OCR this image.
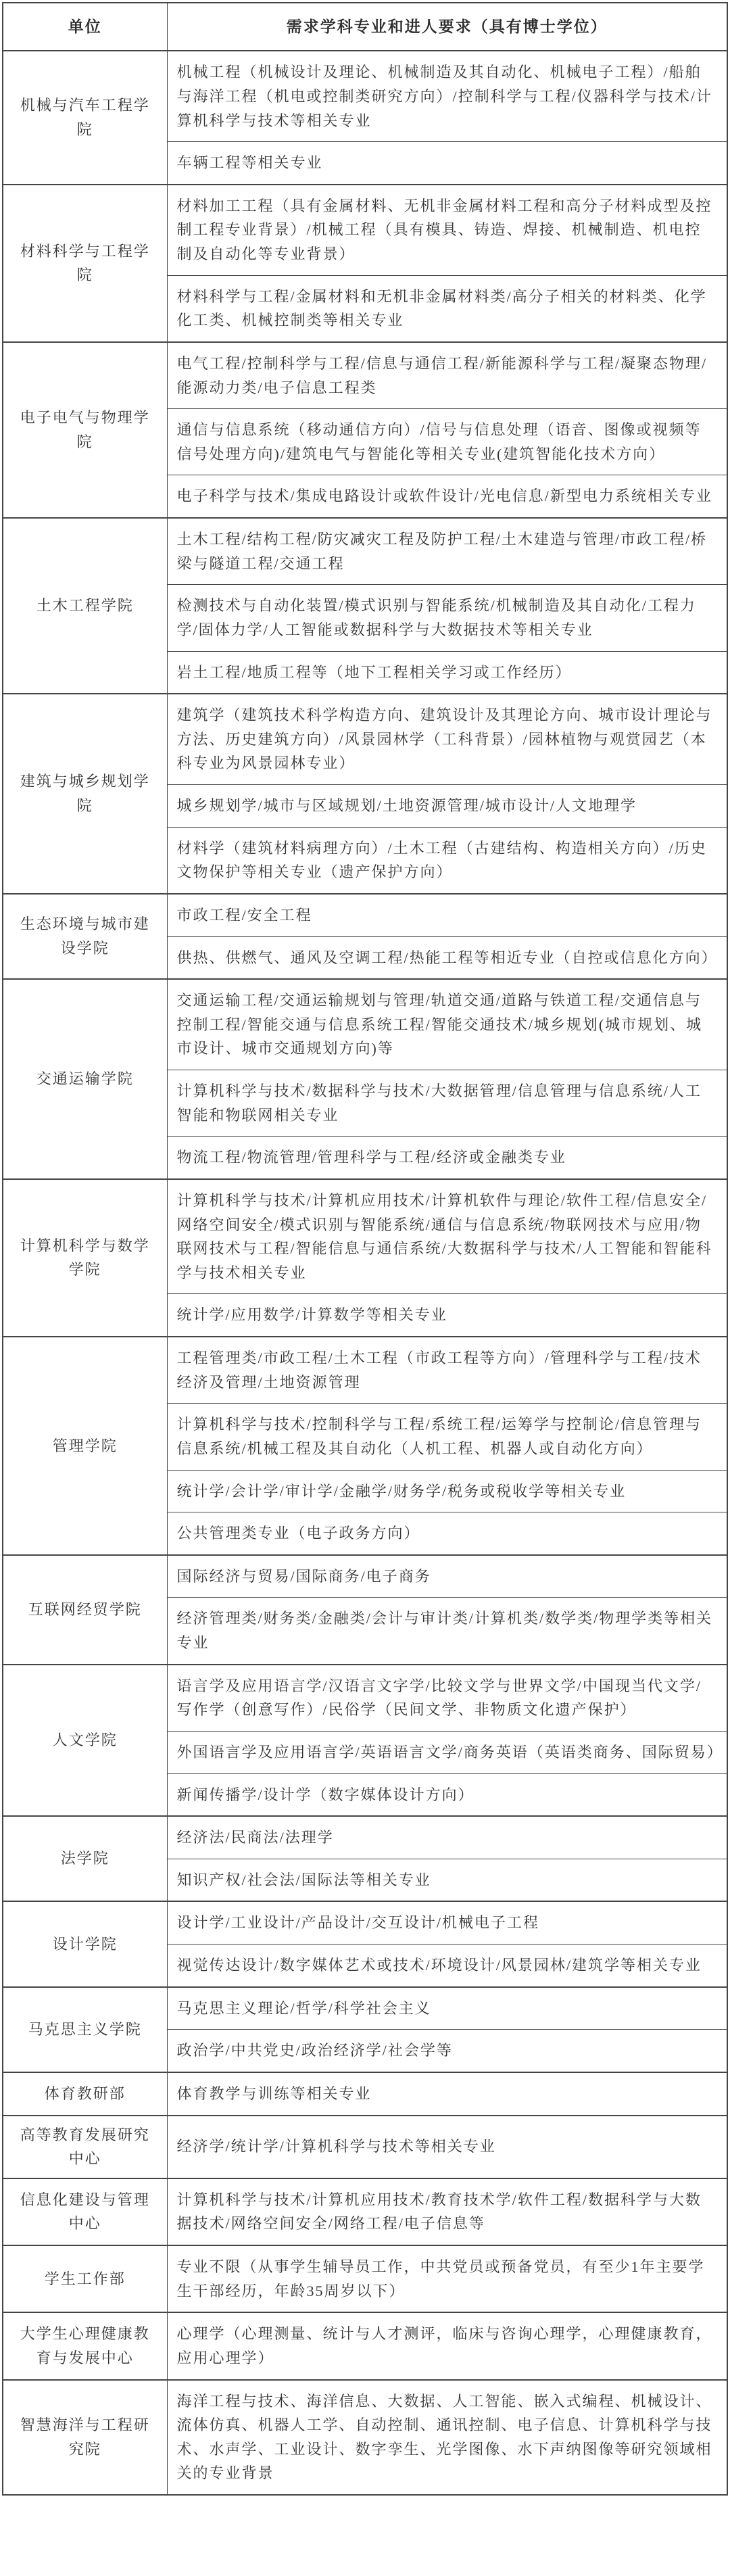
单位	需求学科专业和进人要求（具有博士学位）
机械与汽车工程学院	机械工程（机械设计及理论、机械制造及其自动化、机械电子工程）/船舶与海洋工程（机电或控制类研究方向）/控制科学与工程/仪器科学与技术/计算机科学与技术等相关专业
	车辆工程等相关专业
材料科学与工程学院	材料加工工程（具有金属材料、无机非金属材料工程和高分子材料成型及控制工程专业背景）/机械工程（具有模具、铸造、焊接、机械制造、机电控制及自动化等专业背景）
	材料科学与工程/金属材料和无机非金属材料类/高分子相关的材料类、化学化工类、机械控制类等相关专业
电子电气与物理学院	电气工程/控制科学与工程/信息与通信工程/新能源科学与工程/凝聚态物理/能源动力类/电子信息工程类
	通信与信息系统（移动通信方向）/信号与信息处理（语音、图像或视频等信号处理方向)/建筑电气与智能化等相关专业(建筑智能化技术方向）
	电子科学与技术/集成电路设计或软件设计/光电信息/新型电力系统相关专业
土木工程学院	土木工程/结构工程/防灾减灾工程及防护工程/土木建造与管理/市政工程/桥梁与隧道工程/交通工程
	检测技术与自动化装置/模式识别与智能系统/机械制造及其自动化/工程力学/固体力学/人工智能或数据科学与大数据技术等相关专业
	岩土工程/地质工程等（地下工程相关学习或工作经历）
建筑与城乡规划学院	建筑学（建筑技术科学构造方向、建筑设计及其理论方向、城市设计理论与方法、历史建筑方向）/风景园林学（工科背景）/园林植物与观赏园艺（本科专业为风景园林专业）
	城乡规划学/城市与区域规划/土地资源管理/城市设计/人文地理学
	材料学（建筑材料病理方向）/土木工程（古建结构、构造相关方向）/历史文物保护等相关专业（遗产保护方向）
生态环境与城市建设学院	市政工程/安全工程
	供热、供燃气、通风及空调工程/热能工程等相近专业（自控或信息化方向）
交通运输学院	交通运输工程/交通运输规划与管理/轨道交通/道路与铁道工程/交通信息与控制工程/智能交通与信息系统工程/智能交通技术/城乡规划(城市规划、城市设计、城市交通规划方向)等
	计算机科学与技术/数据科学与技术/大数据管理/信息管理与信息系统/人工智能和物联网相关专业
	物流工程/物流管理/管理科学与工程/经济或金融类专业
计算机科学与数学学院	计算机科学与技术/计算机应用技术/计算机软件与理论/软件工程/信息安全/网络空间安全/模式识别与智能系统/通信与信息系统/物联网技术与应用/物联网技术与工程/智能信息与通信系统/大数据科学与技术/人工智能和智能科学与技术相关专业
	统计学/应用数学/计算数学等相关专业
管理学院	工程管理类/市政工程/土木工程（市政工程等方向）/管理科学与工程/技术经济及管理/土地资源管理
	计算机科学与技术/控制科学与工程/系统工程/运筹学与控制论/信息管理与信息系统/机械工程及其自动化（人机工程、机器人或自动化方向）
	统计学/会计学/审计学/金融学/财务学/税务或税收学等相关专业
	公共管理类专业（电子政务方向）
互联网经贸学院	国际经济与贸易/国际商务/电子商务
	经济管理类/财务类/金融类/会计与审计类/计算机类/数学类/物理学类等相关专业
人文学院	语言学及应用语言学/汉语言文字学/比较文学与世界文学/中国现当代文学/写作学（创意写作）/民俗学（民间文学、非物质文化遗产保护）
	外国语言学及应用语言学/英语语言文学/商务英语（英语类商务、国际贸易）
	新闻传播学/设计学（数字媒体设计方向）
法学院	经济法/民商法/法理学
	知识产权/社会法/国际法等相关专业
设计学院	设计学/工业设计/产品设计/交互设计/机械电子工程
	视觉传达设计/数字媒体艺术或技术/环境设计/风景园林/建筑学等相关专业
马克思主义学院	马克思主义理论/哲学/科学社会主义
	政治学/中共党史/政治经济学/社会学等
体育教研部	体育教学与训练等相关专业
高等教育发展研究中心	经济学/统计学/计算机科学与技术等相关专业
信息化建设与管理中心	计算机科学与技术/计算机应用技术/教育技术学/软件工程/数据科学与大数据技术/网络空间安全/网络工程/电子信息等
学生工作部	专业不限（从事学生辅导员工作，中共党员或预备党员，有至少1年主要学生干部经历，年龄35周岁以下）
大学生心理健康教育与发展中心	心理学（心理测量、统计与人才测评，临床与咨询心理学，心理健康教育，应用心理学）
智慧海洋与工程研究院	海洋工程与技术、海洋信息、大数据、人工智能、嵌入式编程、机械设计、流体仿真、机器人工学、自动控制、通讯控制、电子信息、计算机科学与技术、水声学、工业设计、数字孪生、光学图像、水下声纳图像等研究领域相关的专业背景
